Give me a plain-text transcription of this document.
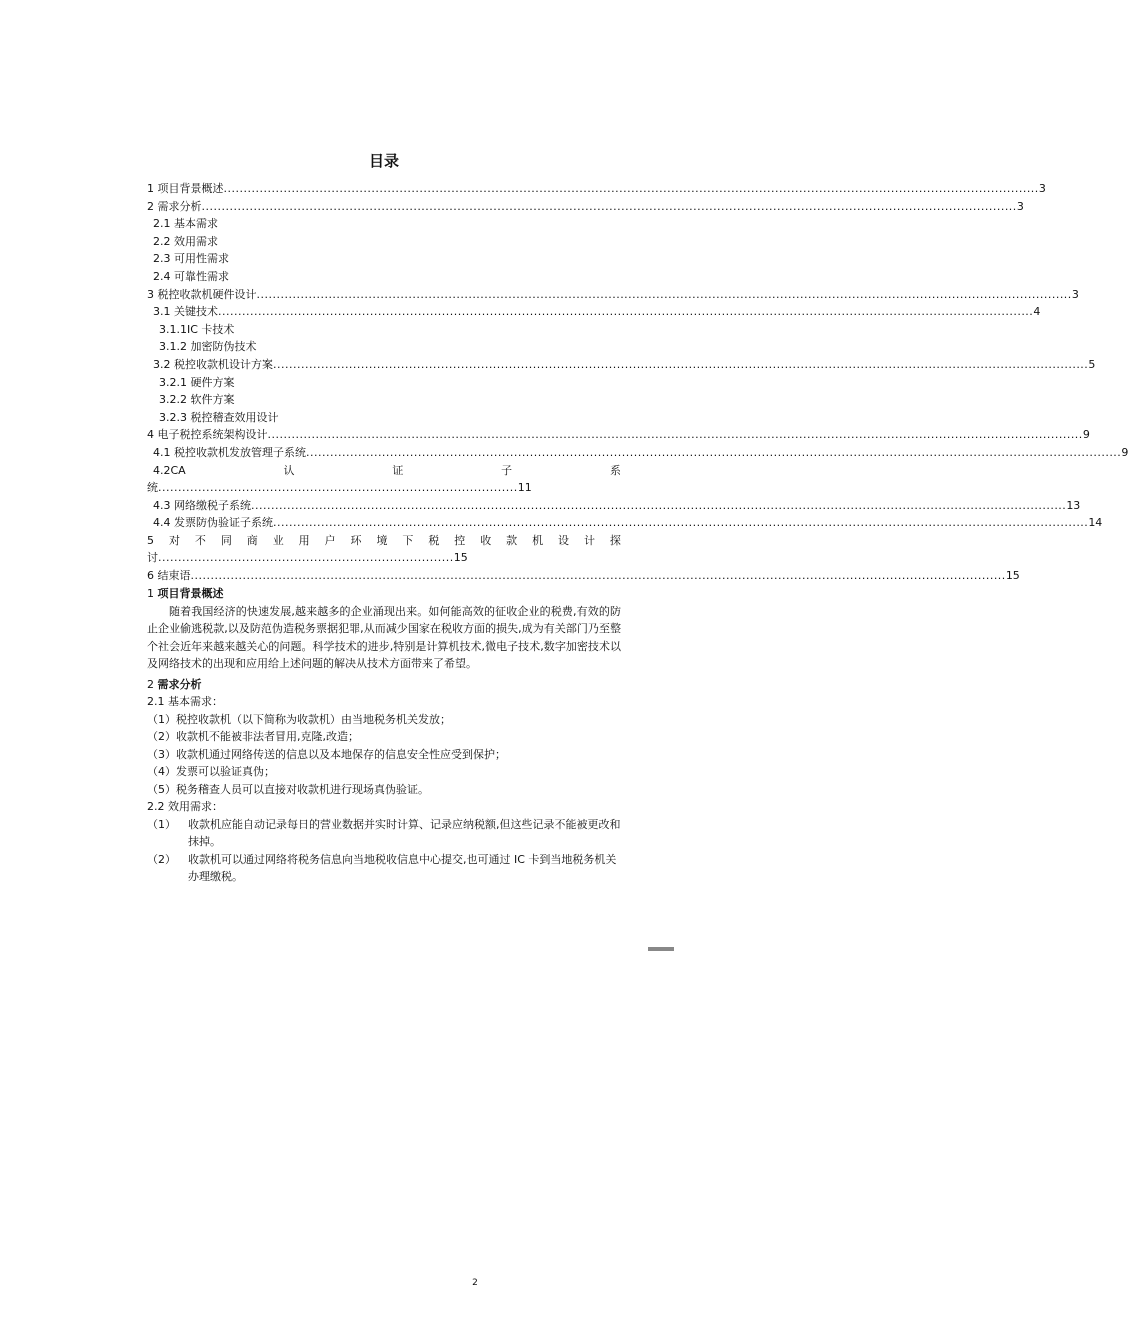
目录
1 项目背景概述 ............................................................................................................................................................................................................ 3
2 需求分析 ............................................................................................................................................................................................................ 3
2.1 基本需求
2.2 效用需求
2.3 可用性需求
2.4 可靠性需求
3 税控收款机硬件设计 ............................................................................................................................................................................................................ 3
3.1 关键技术 ............................................................................................................................................................................................................ 4
3.1.1IC 卡技术
3.1.2 加密防伪技术
3.2 税控收款机设计方案 ............................................................................................................................................................................................................ 5
3.2.1 硬件方案
3.2.2 软件方案
3.2.3 税控稽查效用设计
4 电子税控系统架构设计 ............................................................................................................................................................................................................ 9
4.1 税控收款机发放管理子系统 ............................................................................................................................................................................................................ 9
4.2CA	认	证	子	系
统 .......................................................................................... 11
4.3 网络缴税子系统 ............................................................................................................................................................................................................ 13
4.4 发票防伪验证子系统 ............................................................................................................................................................................................................ 14
5 对 不 同 商 业 用 户 环 境 下 税 控 收 款 机 设 计 探
讨 .......................................................................... 15
6 结束语 ............................................................................................................................................................................................................ 15
1 项目背景概述

随着我国经济的快速发展,越来越多的企业涌现出来。如何能高效的征收企业的税费,有效的防止企业偷逃税款,以及防范伪造税务票据犯罪,从而减少国家在税收方面的损失,成为有关部门乃至整个社会近年来越来越关心的问题。科学技术的进步,特别是计算机技术,微电子技术,数字加密技术以及网络技术的出现和应用给上述问题的解决从技术方面带来了希望。

2 需求分析
2.1 基本需求：
（1）税控收款机（以下简称为收款机）由当地税务机关发放；
（2）收款机不能被非法者冒用,克隆,改造；
（3）收款机通过网络传送的信息以及本地保存的信息安全性应受到保护；
（4）发票可以验证真伪；
（5）税务稽查人员可以直接对收款机进行现场真伪验证。
2.2 效用需求：
（1）	收款机应能自动记录每日的营业数据并实时计算、记录应纳税额,但这些记录不能被更改和抹掉。
（2）	收款机可以通过网络将税务信息向当地税收信息中心提交,也可通过 IC 卡到当地税务机关办理缴税。
2
